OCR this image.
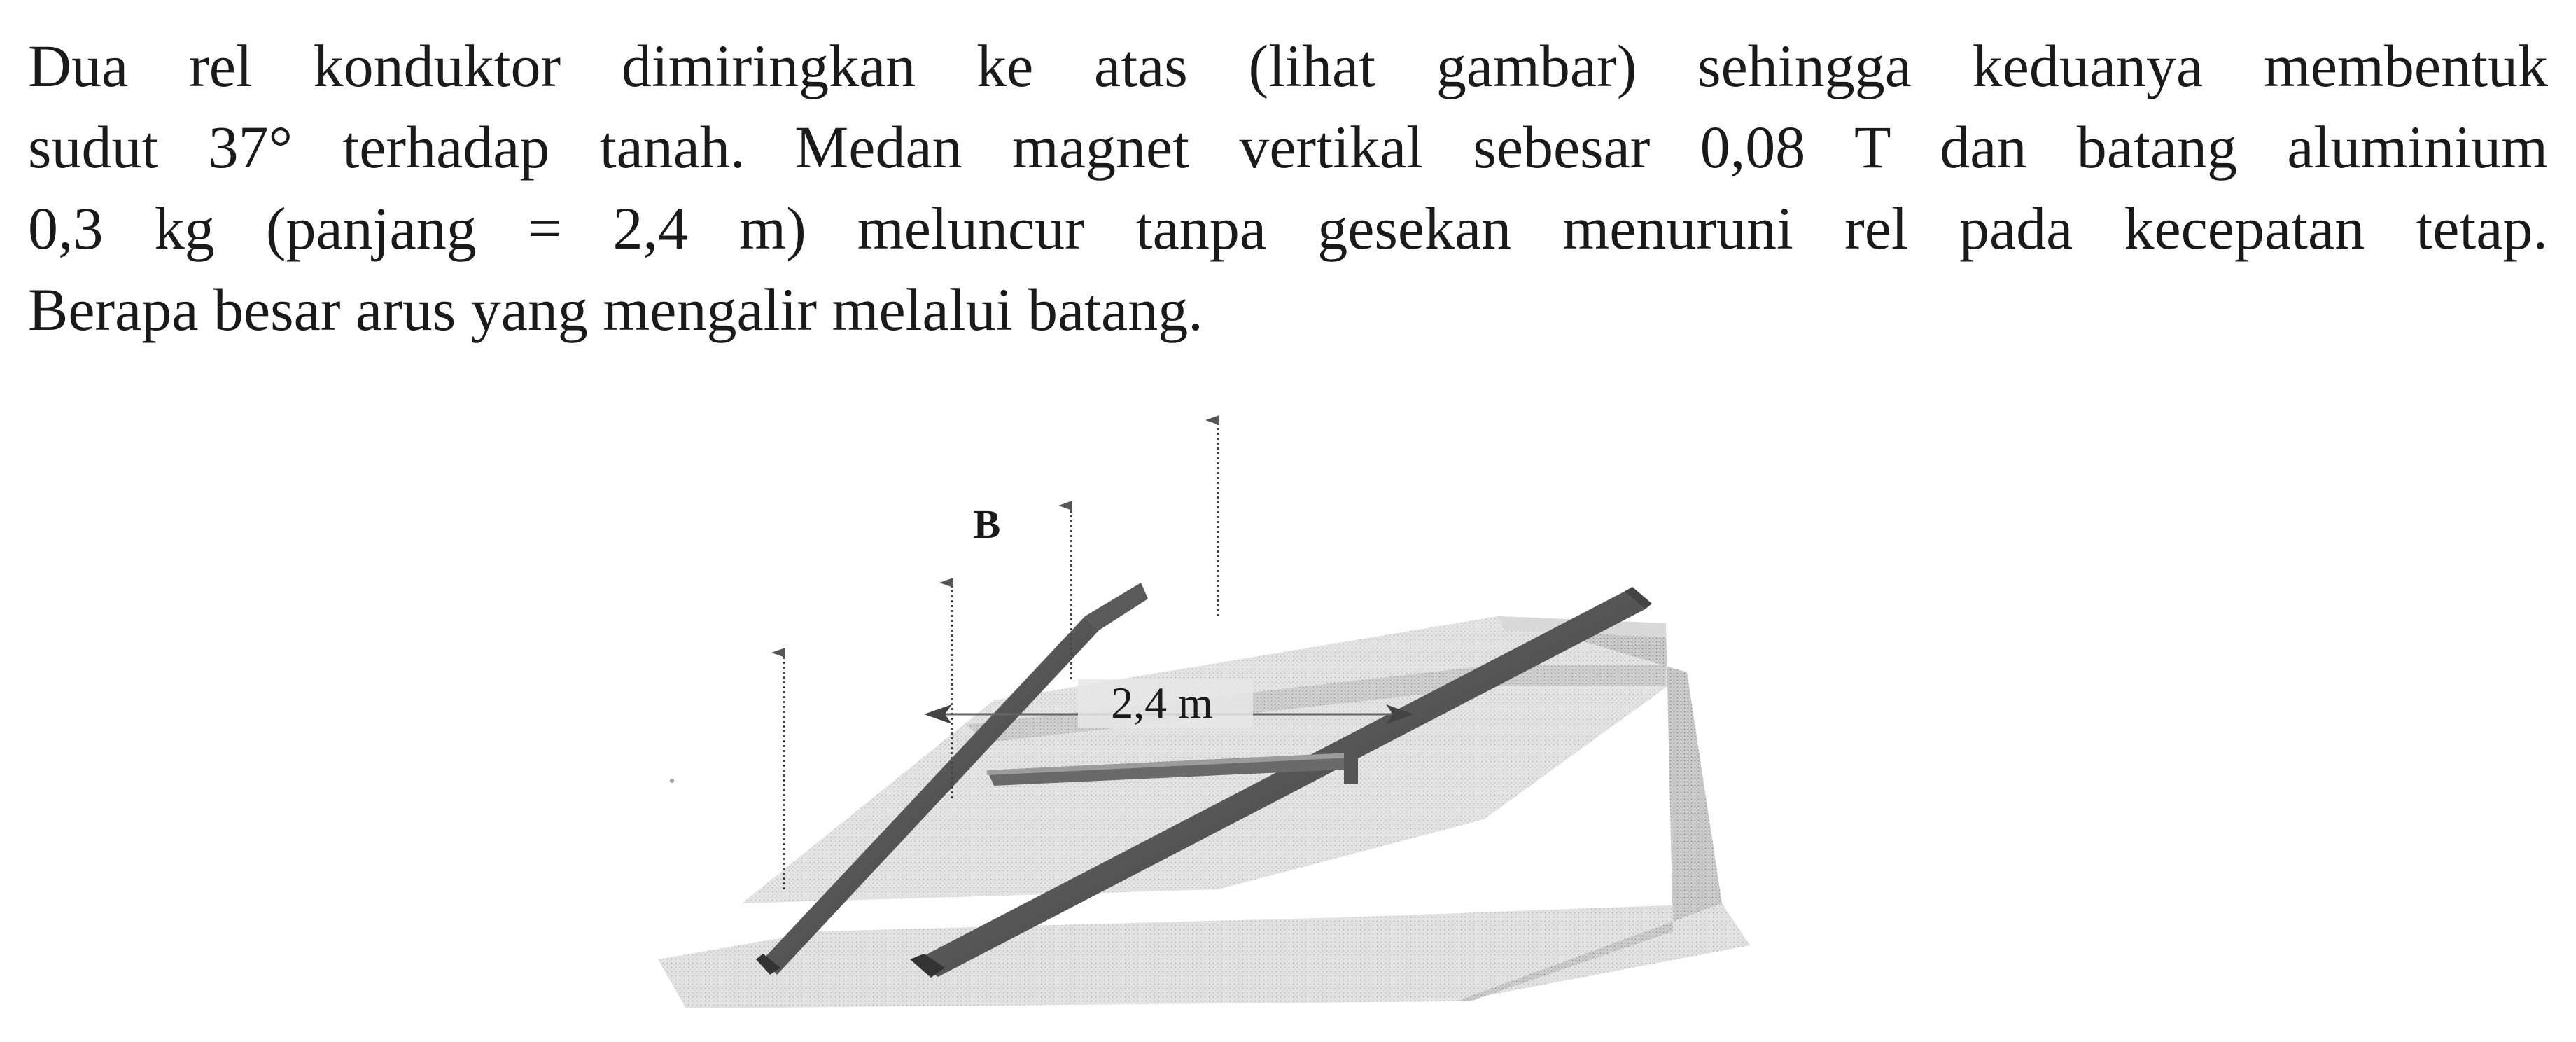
Dua rel konduktor dimiringkan ke atas (lihat gambar) sehingga keduanya membentuk
sudut 37° terhadap tanah. Medan magnet vertikal sebesar 0,08 T dan batang aluminium
0,3 kg (panjang = 2,4 m) meluncur tanpa gesekan menuruni rel pada kecepatan tetap.
Berapa besar arus yang mengalir melalui batang.
2,4 m
B
